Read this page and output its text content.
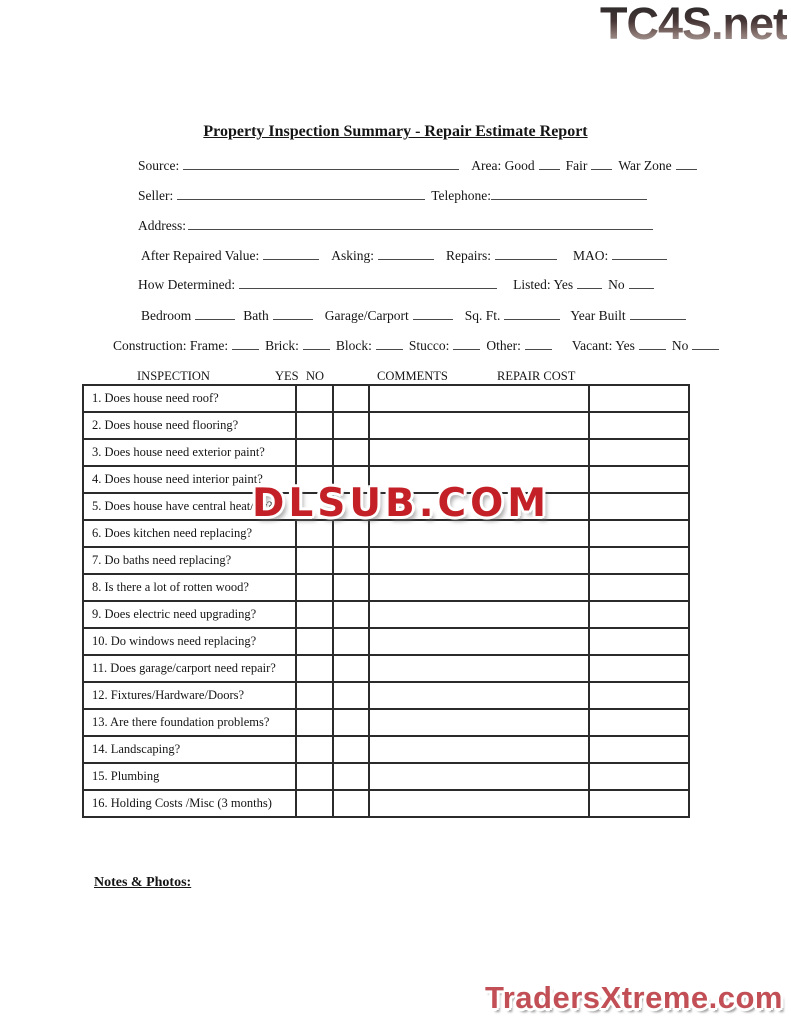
TC4S.net
Property Inspection Summary - Repair Estimate Report
Source:	Area: Good Fair War Zone
Seller:	Telephone:
Address:
After Repaired Value:	Asking:	Repairs:	MAO:
How Determined:	Listed: Yes	No
Bedroom	Bath	Garage/Carport	Sq. Ft.	Year Built
Construction: Frame:	Brick:	Block:	Stucco:	Other:	Vacant: Yes	No
INSPECTION	YES NO	COMMENTS	REPAIR COST
1. Does house need roof?				
2. Does house need flooring?				
3. Does house need exterior paint?				
4. Does house need interior paint?				
5. Does house have central heat/air?				
6. Does kitchen need replacing?				
7. Do baths need replacing?				
8. Is there a lot of rotten wood?				
9. Does electric need upgrading?				
10. Do windows need replacing?				
11. Does garage/carport need repair?				
12. Fixtures/Hardware/Doors?				
13. Are there foundation problems?				
14. Landscaping?				
15. Plumbing				
16. Holding Costs /Misc (3 months)				
DLSUB.COM
Notes & Photos:
TradersXtreme.com
